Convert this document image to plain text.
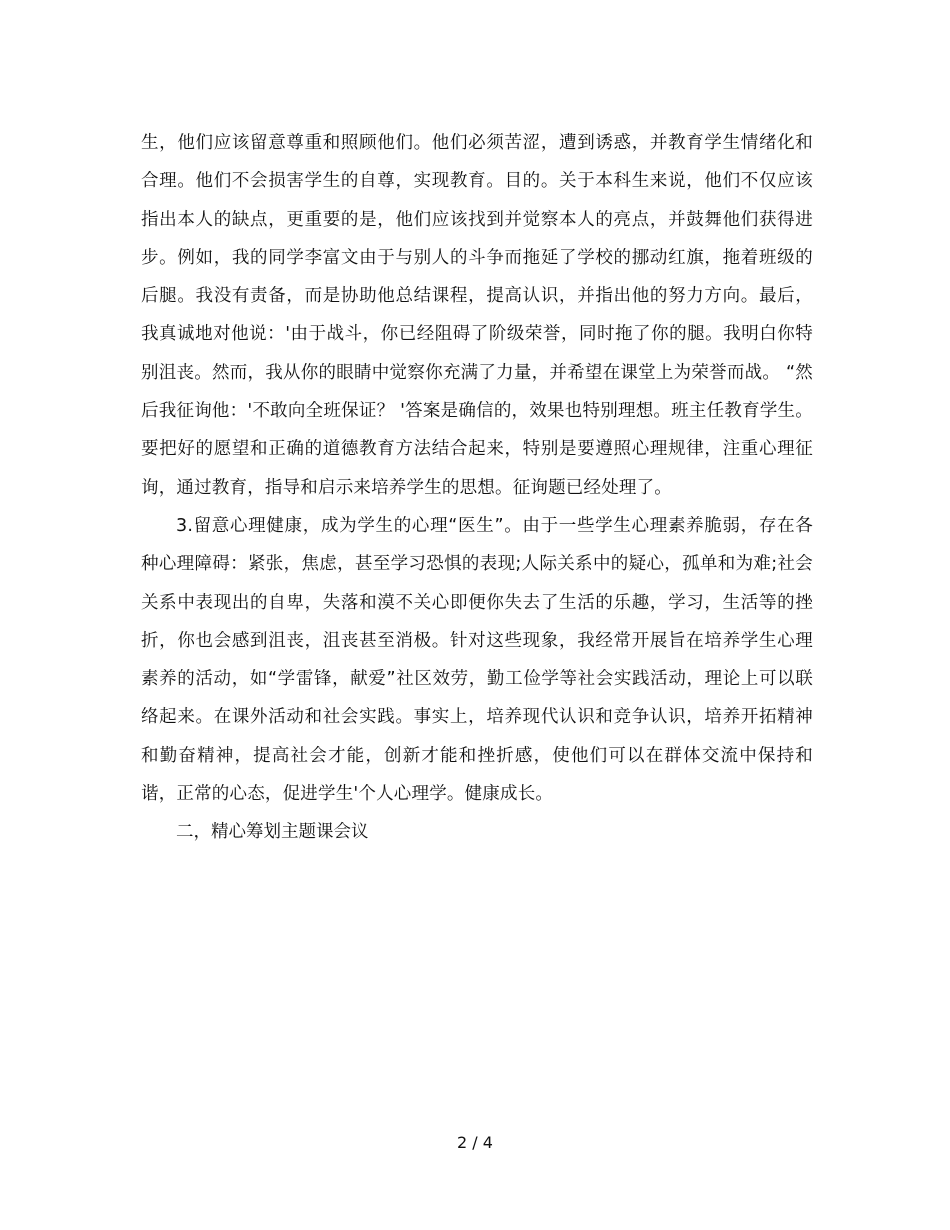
生，他们应该留意尊重和照顾他们。他们必须苦涩，遭到诱惑，并教育学生情绪化和合理。他们不会损害学生的自尊，实现教育。目的。关于本科生来说，他们不仅应该指出本人的缺点，更重要的是，他们应该找到并觉察本人的亮点，并鼓舞他们获得进步。例如，我的同学李富文由于与别人的斗争而拖延了学校的挪动红旗，拖着班级的后腿。我没有责备，而是协助他总结课程，提高认识，并指出他的努力方向。最后，我真诚地对他说：'由于战斗，你已经阻碍了阶级荣誉，同时拖了你的腿。我明白你特别沮丧。然而，我从你的眼睛中觉察你充满了力量，并希望在课堂上为荣誉而战。 “然后我征询他：'不敢向全班保证？ '答案是确信的，效果也特别理想。班主任教育学生。要把好的愿望和正确的道德教育方法结合起来，特别是要遵照心理规律，注重心理征询，通过教育，指导和启示来培养学生的思想。征询题已经处理了。

3.留意心理健康，成为学生的心理“医生”。由于一些学生心理素养脆弱，存在各种心理障碍：紧张，焦虑，甚至学习恐惧的表现;人际关系中的疑心，孤单和为难;社会关系中表现出的自卑，失落和漠不关心即便你失去了生活的乐趣，学习，生活等的挫折，你也会感到沮丧，沮丧甚至消极。针对这些现象，我经常开展旨在培养学生心理素养的活动，如“学雷锋，献爱”社区效劳，勤工俭学等社会实践活动，理论上可以联络起来。在课外活动和社会实践。事实上，培养现代认识和竞争认识，培养开拓精神和勤奋精神，提高社会才能，创新才能和挫折感，使他们可以在群体交流中保持和谐，正常的心态，促进学生'个人心理学。健康成长。

二，精心筹划主题课会议

2 / 4
